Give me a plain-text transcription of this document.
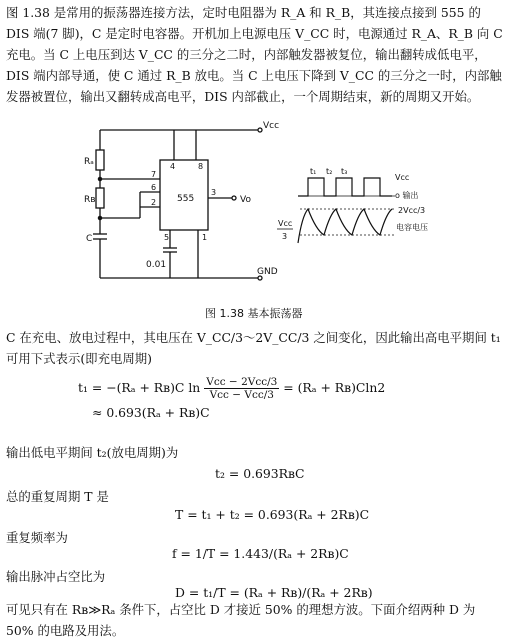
图 1.38 是常用的振荡器连接方法，定时电阻器为 R_A 和 R_B，其连接点接到 555 的 DIS 端(7 脚)，C 是定时电容器。开机加上电源电压 V_CC 时，电源通过 R_A、R_B 向 C 充电。当 C 上电压到达 V_CC 的三分之二时，内部触发器被复位，输出翻转成低电平，DIS 端内部导通，使 C 通过 R_B 放电。当 C 上电压下降到 V_CC 的三分之一时，内部触发器被置位，输出又翻转成高电平，DIS 内部截止，一个周期结束，新的周期又开始。
Vcc
Vo
GND
Rₐ
Rʙ
C
555
0.01
4	8
7
6
2
3
5	1
t₁ t₂ t₃
Vcc
o 输出
2Vcc/3
电容电压
Vcc
3
图 1.38 基本振荡器
C 在充电、放电过程中，其电压在 V_CC/3～2V_CC/3 之间变化，因此输出高电平期间 t₁ 可用下式表示(即充电周期)
t₁ = −(Rₐ + Rʙ)C $\ln \frac{\text{Vcc − 2Vcc/3}}{\text{Vcc − Vcc/3}} = (R_a$ + Rʙ)Cln2
≈ 0.693(Rₐ + Rʙ)C
输出低电平期间 t₂(放电周期)为
t₂ = 0.693RʙC
总的重复周期 T 是
T = t₁ + t₂ = 0.693(Rₐ + 2Rʙ)C
重复频率为
f = 1/T = 1.443/(Rₐ + 2Rʙ)C
输出脉冲占空比为
D = t₁/T = (Rₐ + Rʙ)/(Rₐ + 2Rʙ)
可见只有在 Rʙ≫Rₐ 条件下，占空比 D 才接近 50% 的理想方波。下面介绍两种 D 为 50% 的电路及用法。
